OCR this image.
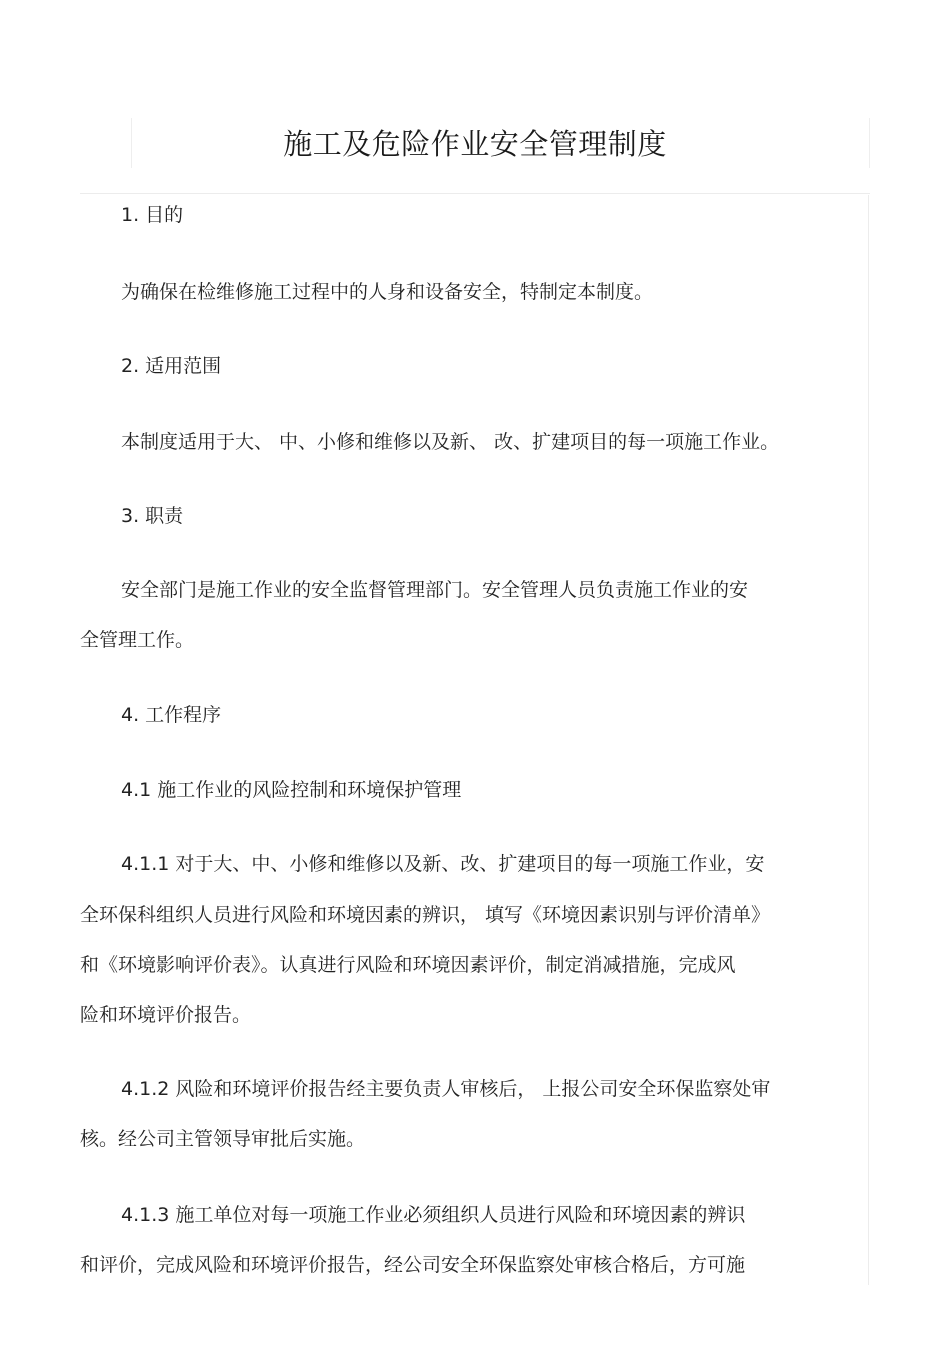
施工及危险作业安全管理制度
1. 目的
为确保在检维修施工过程中的人身和设备安全，特制定本制度。
2. 适用范围
本制度适用于大、 中、小修和维修以及新、 改、扩建项目的每一项施工作业。
3. 职责
安全部门是施工作业的安全监督管理部门。安全管理人员负责施工作业的安
全管理工作。
4. 工作程序
4.1 施工作业的风险控制和环境保护管理
4.1.1 对于大、中、小修和维修以及新、改、扩建项目的每一项施工作业，安
全环保科组织人员进行风险和环境因素的辨识， 填写《环境因素识别与评价清单》
和《环境影响评价表》。认真进行风险和环境因素评价，制定消减措施，完成风
险和环境评价报告。
4.1.2 风险和环境评价报告经主要负责人审核后， 上报公司安全环保监察处审
核。经公司主管领导审批后实施。
4.1.3 施工单位对每一项施工作业必须组织人员进行风险和环境因素的辨识
和评价，完成风险和环境评价报告，经公司安全环保监察处审核合格后，方可施
